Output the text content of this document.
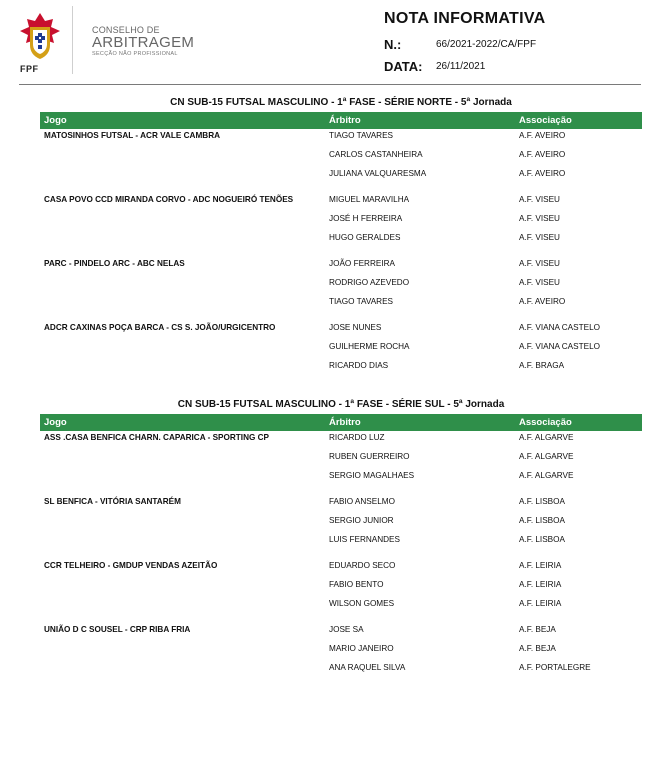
FPF
CONSELHO DE
ARBITRAGEM
SECÇÃO NÃO PROFISSIONAL
NOTA INFORMATIVA
N.:	66/2021-2022/CA/FPF
DATA: 26/11/2021
CN SUB-15 FUTSAL MASCULINO - 1ª FASE - SÉRIE NORTE - 5ª Jornada
Jogo	Árbitro	Associação
MATOSINHOS FUTSAL - ACR VALE CAMBRA	TIAGO TAVARES	A.F. AVEIRO
CARLOS CASTANHEIRA	A.F. AVEIRO
JULIANA VALQUARESMA	A.F. AVEIRO
CASA POVO CCD MIRANDA CORVO - ADC NOGUEIRÓ TENÕES	MIGUEL MARAVILHA	A.F. VISEU
JOSÉ H FERREIRA	A.F. VISEU
HUGO GERALDES	A.F. VISEU
PARC - PINDELO ARC - ABC NELAS	JOÃO FERREIRA	A.F. VISEU
RODRIGO AZEVEDO	A.F. VISEU
TIAGO TAVARES	A.F. AVEIRO
ADCR CAXINAS POÇA BARCA - CS S. JOÃO/URGICENTRO	JOSE NUNES	A.F. VIANA CASTELO
GUILHERME ROCHA	A.F. VIANA CASTELO
RICARDO DIAS	A.F. BRAGA
CN SUB-15 FUTSAL MASCULINO - 1ª FASE - SÉRIE SUL - 5ª Jornada
Jogo	Árbitro	Associação
ASS .CASA BENFICA CHARN. CAPARICA - SPORTING CP	RICARDO LUZ	A.F. ALGARVE
RUBEN GUERREIRO	A.F. ALGARVE
SERGIO MAGALHAES	A.F. ALGARVE
SL BENFICA - VITÓRIA SANTARÉM	FABIO ANSELMO	A.F. LISBOA
SERGIO JUNIOR	A.F. LISBOA
LUIS FERNANDES	A.F. LISBOA
CCR TELHEIRO - GMDUP VENDAS AZEITÃO	EDUARDO SECO	A.F. LEIRIA
FABIO BENTO	A.F. LEIRIA
WILSON GOMES	A.F. LEIRIA
UNIÃO D C SOUSEL - CRP RIBA FRIA	JOSE SA	A.F. BEJA
MARIO JANEIRO	A.F. BEJA
ANA RAQUEL SILVA	A.F. PORTALEGRE
